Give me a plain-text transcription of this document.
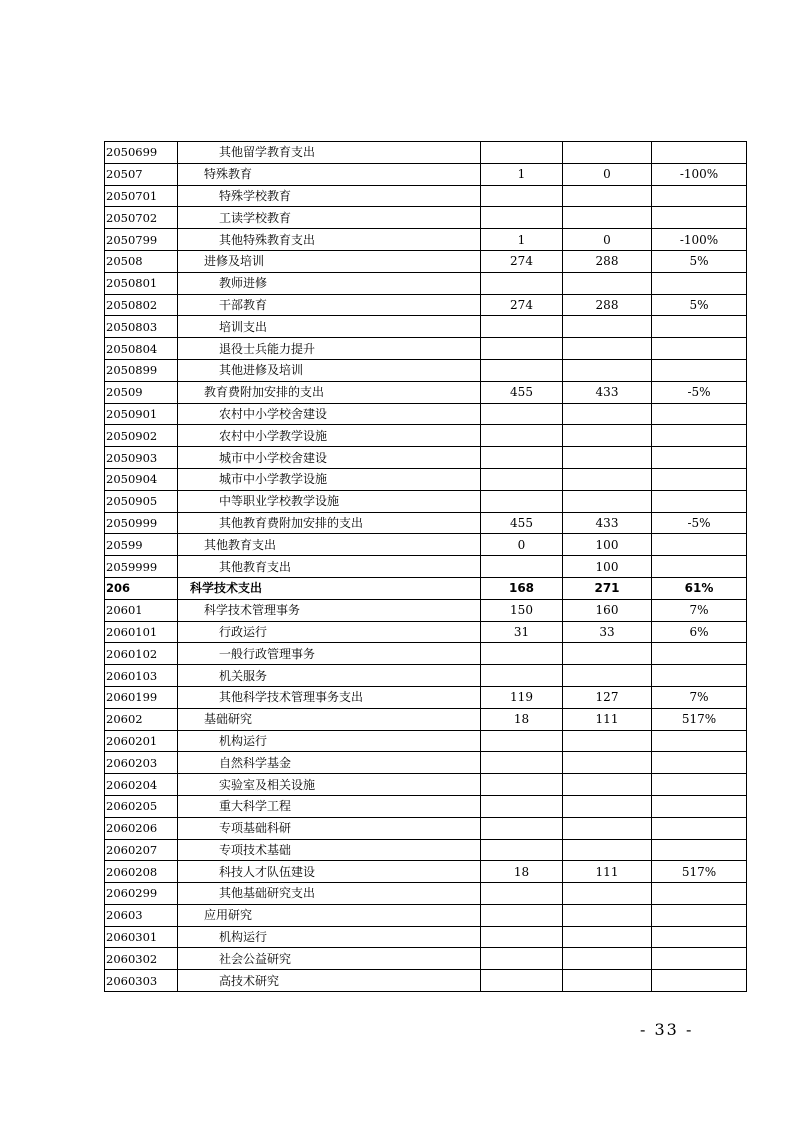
2050699	其他留学教育支出			
20507	特殊教育	1	0	-100%
2050701	特殊学校教育			
2050702	工读学校教育			
2050799	其他特殊教育支出	1	0	-100%
20508	进修及培训	274	288	5%
2050801	教师进修			
2050802	干部教育	274	288	5%
2050803	培训支出			
2050804	退役士兵能力提升			
2050899	其他进修及培训			
20509	教育费附加安排的支出	455	433	-5%
2050901	农村中小学校舍建设			
2050902	农村中小学教学设施			
2050903	城市中小学校舍建设			
2050904	城市中小学教学设施			
2050905	中等职业学校教学设施			
2050999	其他教育费附加安排的支出	455	433	-5%
20599	其他教育支出	0	100	
2059999	其他教育支出		100	
206	科学技术支出	168	271	61%
20601	科学技术管理事务	150	160	7%
2060101	行政运行	31	33	6%
2060102	一般行政管理事务			
2060103	机关服务			
2060199	其他科学技术管理事务支出	119	127	7%
20602	基础研究	18	111	517%
2060201	机构运行			
2060203	自然科学基金			
2060204	实验室及相关设施			
2060205	重大科学工程			
2060206	专项基础科研			
2060207	专项技术基础			
2060208	科技人才队伍建设	18	111	517%
2060299	其他基础研究支出			
20603	应用研究			
2060301	机构运行			
2060302	社会公益研究			
2060303	高技术研究			
- 33 -
